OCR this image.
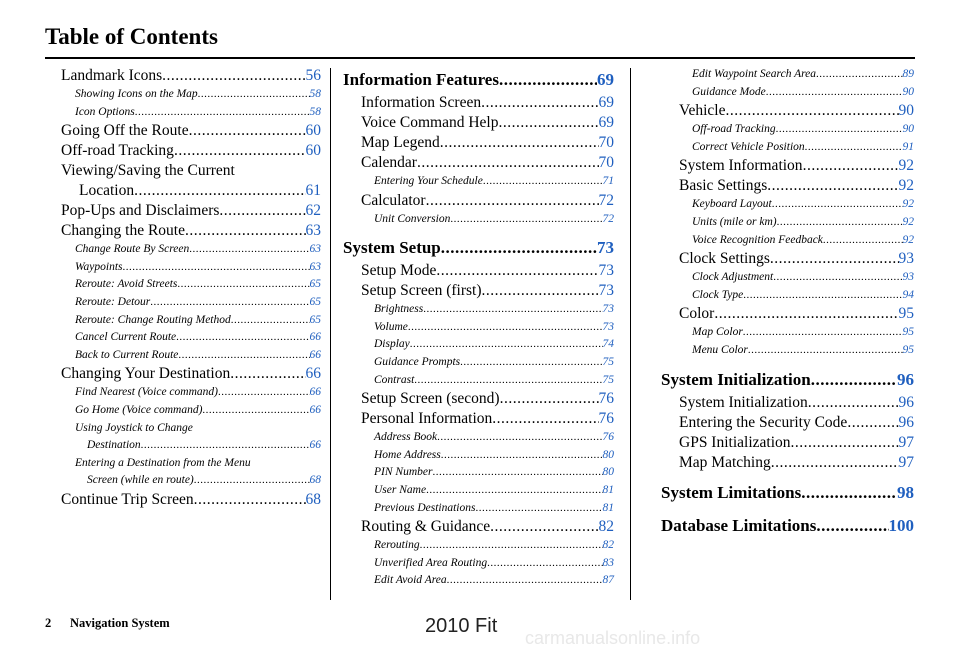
Table of Contents
Landmark Icons .....	56
Showing Icons on the Map .....	58
Icon Options .....	58
Going Off the Route .....	60
Off-road Tracking .....	60
Viewing/Saving the Current
Location .....	61
Pop-Ups and Disclaimers .....	62
Changing the Route .....	63
Change Route By Screen .....	63
Waypoints .....	63
Reroute: Avoid Streets .....	65
Reroute: Detour .....	65
Reroute: Change Routing Method .....	65
Cancel Current Route .....	66
Back to Current Route .....	66
Changing Your Destination .....	66
Find Nearest (Voice command) .....	66
Go Home (Voice command) .....	66
Using Joystick to Change
Destination .....	66
Entering a Destination from the Menu
Screen (while en route) .....	68
Continue Trip Screen .....	68
Information Features .....	69
Information Screen .....	69
Voice Command Help .....	69
Map Legend .....	70
Calendar .....	70
Entering Your Schedule .....	71
Calculator .....	72
Unit Conversion .....	72
System Setup .....	73
Setup Mode .....	73
Setup Screen (first) .....	73
Brightness .....	73
Volume .....	73
Display .....	74
Guidance Prompts .....	75
Contrast .....	75
Setup Screen (second) .....	76
Personal Information .....	76
Address Book .....	76
Home Address .....	80
PIN Number .....	80
User Name .....	81
Previous Destinations .....	81
Routing & Guidance .....	82
Rerouting .....	82
Unverified Area Routing .....	83
Edit Avoid Area .....	87
Edit Waypoint Search Area .....	89
Guidance Mode .....	90
Vehicle .....	90
Off-road Tracking .....	90
Correct Vehicle Position .....	91
System Information .....	92
Basic Settings .....	92
Keyboard Layout .....	92
Units (mile or km) .....	92
Voice Recognition Feedback .....	92
Clock Settings .....	93
Clock Adjustment .....	93
Clock Type .....	94
Color .....	95
Map Color .....	95
Menu Color .....	95
System Initialization .....	96
System Initialization .....	96
Entering the Security Code .....	96
GPS Initialization .....	97
Map Matching .....	97
System Limitations .....	98
Database Limitations .....	100
2 Navigation System	2010 Fit
carmanualsonline.info
